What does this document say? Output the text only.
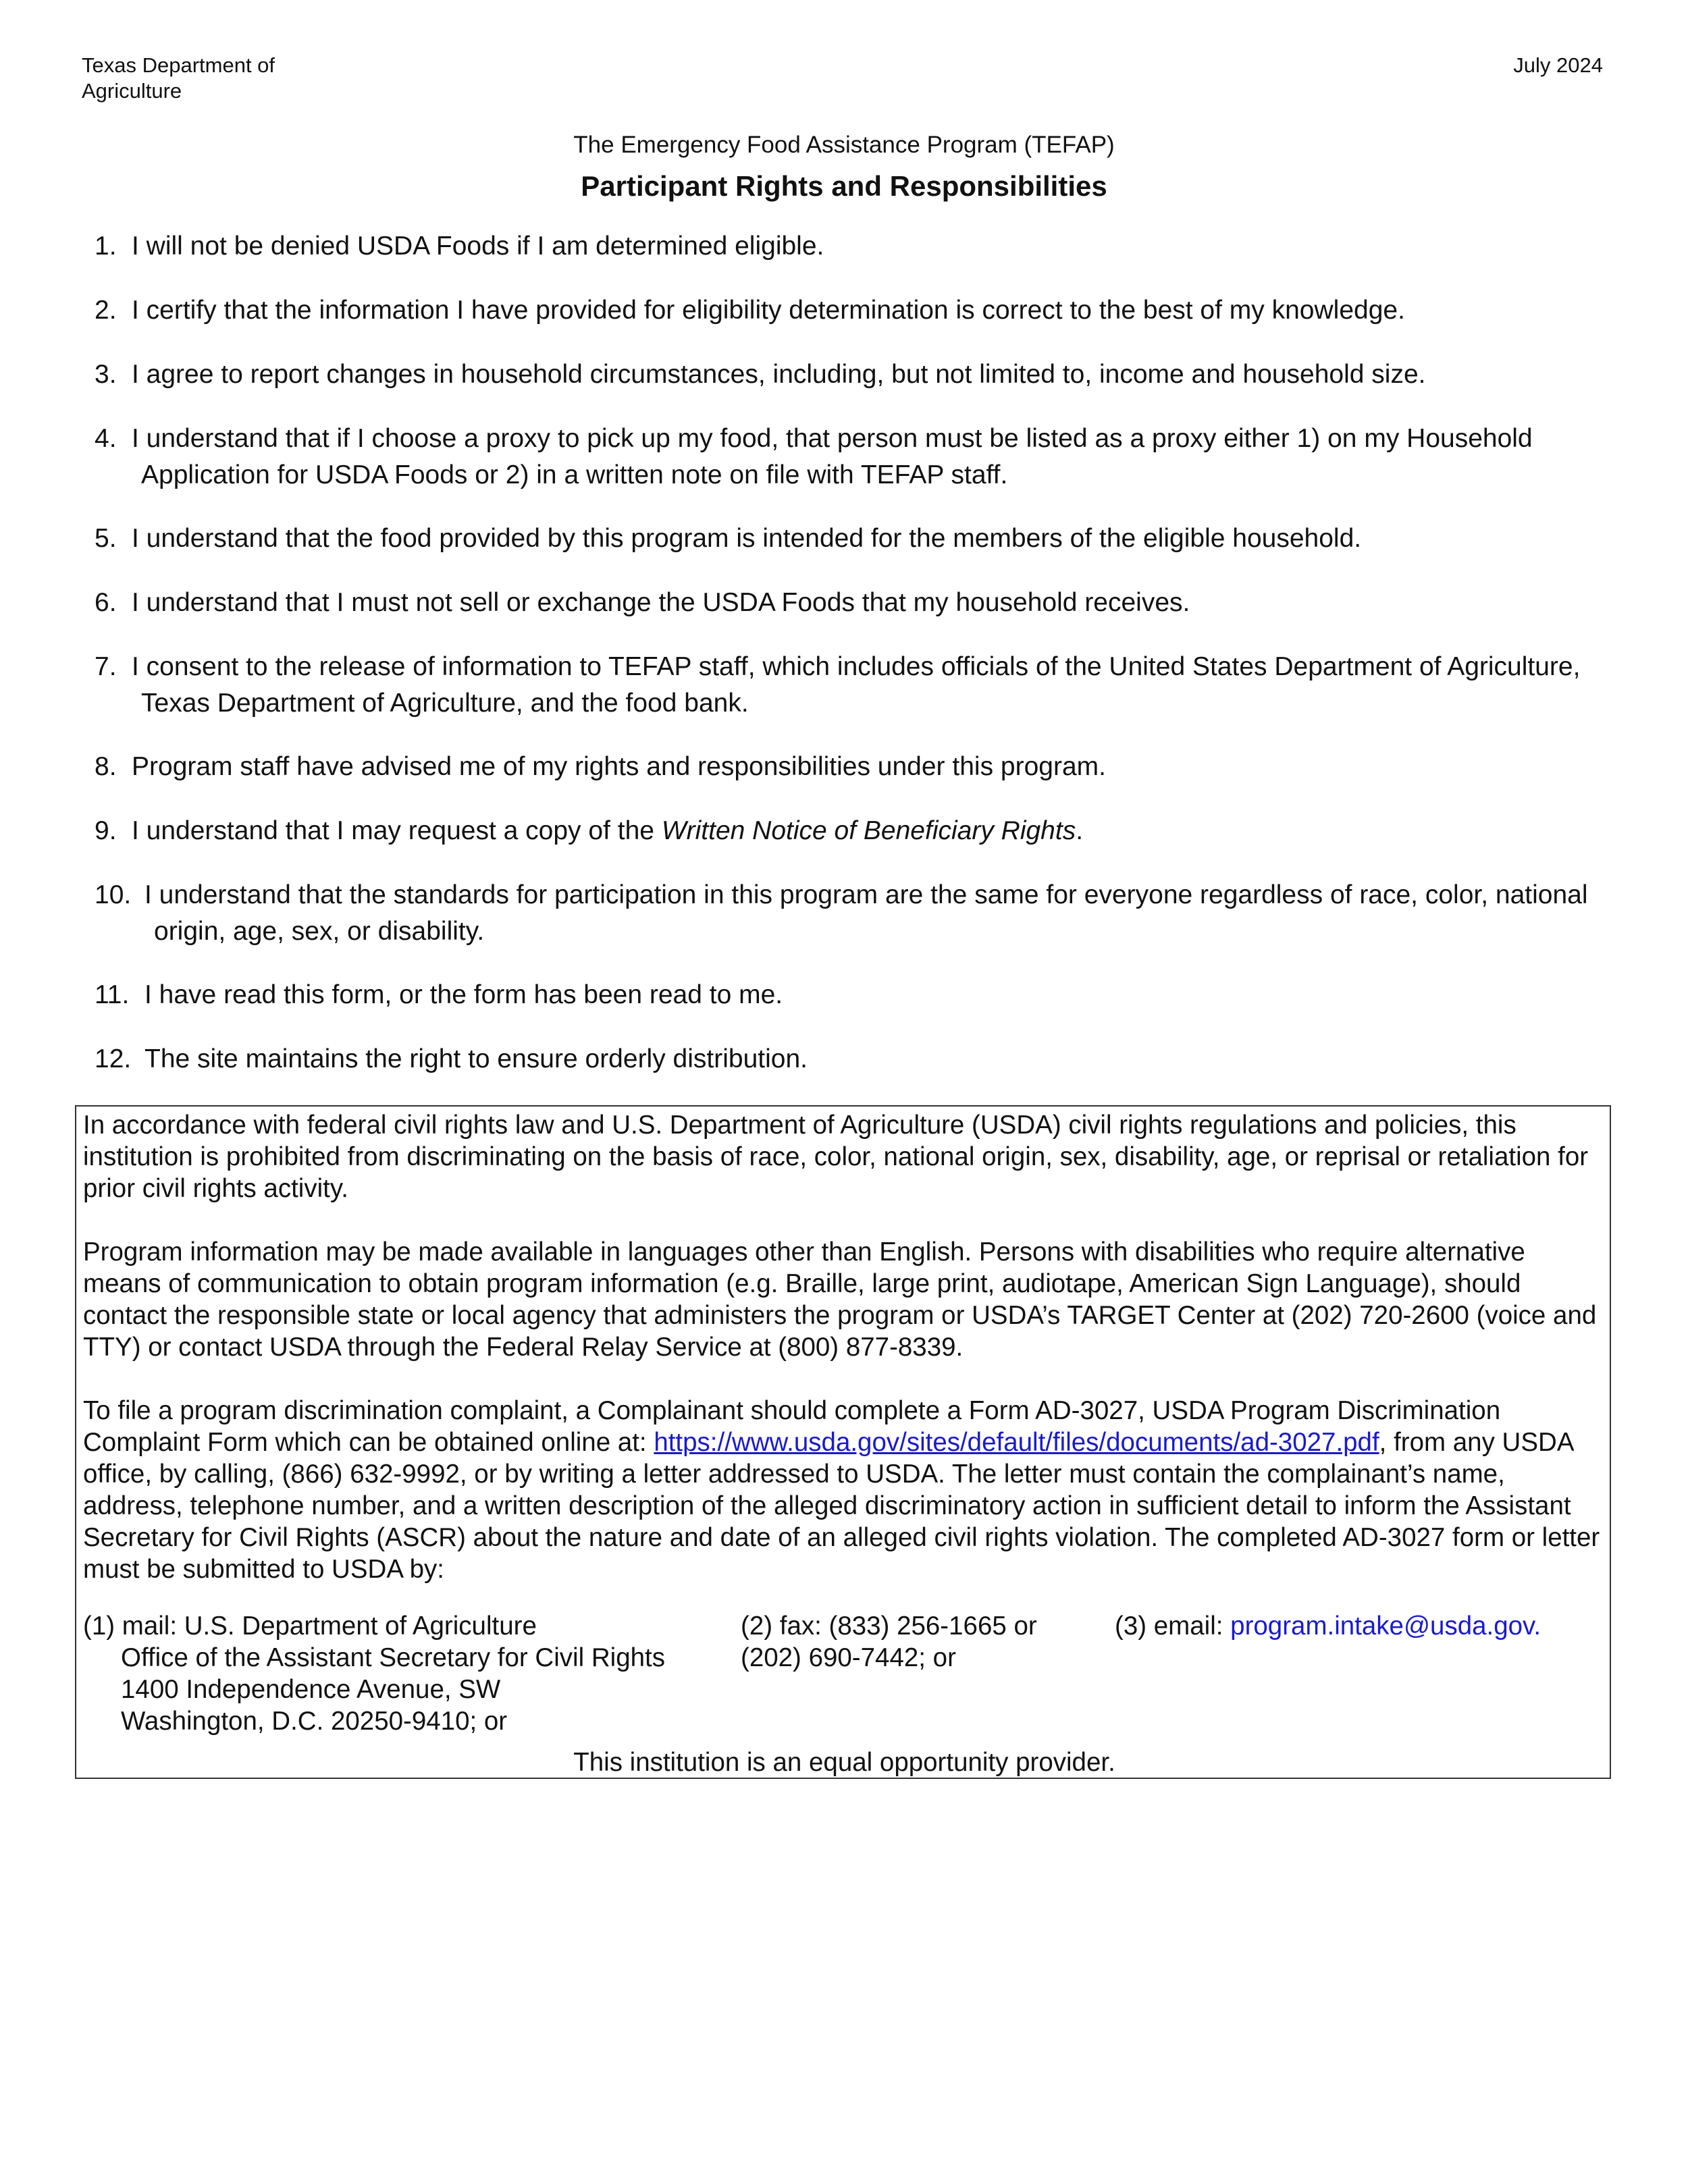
Texas Department of
Agriculture
July 2024
The Emergency Food Assistance Program (TEFAP)
Participant Rights and Responsibilities
1. I will not be denied USDA Foods if I am determined eligible.
2. I certify that the information I have provided for eligibility determination is correct to the best of my knowledge.
3. I agree to report changes in household circumstances, including, but not limited to, income and household size.
4. I understand that if I choose a proxy to pick up my food, that person must be listed as a proxy either 1) on my Household Application for USDA Foods or 2) in a written note on file with TEFAP staff.
5. I understand that the food provided by this program is intended for the members of the eligible household.
6. I understand that I must not sell or exchange the USDA Foods that my household receives.
7. I consent to the release of information to TEFAP staff, which includes officials of the United States Department of Agriculture, Texas Department of Agriculture, and the food bank.
8. Program staff have advised me of my rights and responsibilities under this program.
9. I understand that I may request a copy of the Written Notice of Beneficiary Rights.
10. I understand that the standards for participation in this program are the same for everyone regardless of race, color, national origin, age, sex, or disability.
11. I have read this form, or the form has been read to me.
12. The site maintains the right to ensure orderly distribution.
In accordance with federal civil rights law and U.S. Department of Agriculture (USDA) civil rights regulations and policies, this institution is prohibited from discriminating on the basis of race, color, national origin, sex, disability, age, or reprisal or retaliation for prior civil rights activity.
Program information may be made available in languages other than English. Persons with disabilities who require alternative means of communication to obtain program information (e.g. Braille, large print, audiotape, American Sign Language), should contact the responsible state or local agency that administers the program or USDA’s TARGET Center at (202) 720-2600 (voice and TTY) or contact USDA through the Federal Relay Service at (800) 877-8339.
To file a program discrimination complaint, a Complainant should complete a Form AD-3027, USDA Program Discrimination Complaint Form which can be obtained online at: https://www.usda.gov/sites/default/files/documents/ad-3027.pdf, from any USDA office, by calling, (866) 632-9992, or by writing a letter addressed to USDA. The letter must contain the complainant’s name, address, telephone number, and a written description of the alleged discriminatory action in sufficient detail to inform the Assistant Secretary for Civil Rights (ASCR) about the nature and date of an alleged civil rights violation. The completed AD-3027 form or letter must be submitted to USDA by:
(1) mail: U.S. Department of Agriculture
Office of the Assistant Secretary for Civil Rights
1400 Independence Avenue, SW
Washington, D.C. 20250-9410; or
(2) fax: (833) 256-1665 or
(202) 690-7442; or
(3) email: program.intake@usda.gov.
This institution is an equal opportunity provider.
